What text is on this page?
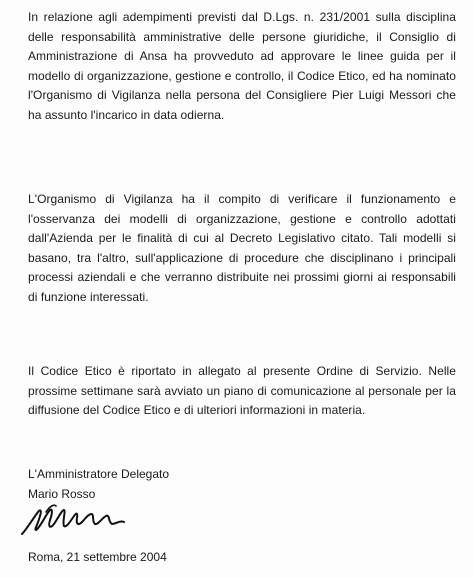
In relazione agli adempimenti previsti dal D.Lgs. n. 231/2001 sulla disciplina delle responsabilità amministrative delle persone giuridiche, il Consiglio di Amministrazione di Ansa ha provveduto ad approvare le linee guida per il modello di organizzazione, gestione e controllo, il Codice Etico, ed ha nominato l'Organismo di Vigilanza nella persona del Consigliere Pier Luigi Messori che ha assunto l'incarico in data odierna.
L'Organismo di Vigilanza ha il compito di verificare il funzionamento e l'osservanza dei modelli di organizzazione, gestione e controllo adottati dall'Azienda per le finalità di cui al Decreto Legislativo citato. Tali modelli si basano, tra l'altro, sull'applicazione di procedure che disciplinano i principali processi aziendali e che verranno distribuite nei prossimi giorni ai responsabili di funzione interessati.
Il Codice Etico è riportato in allegato al presente Ordine di Servizio. Nelle prossime settimane sarà avviato un piano di comunicazione al personale per la diffusione del Codice Etico e di ulteriori informazioni in materia.
L'Amministratore Delegato
Mario Rosso
Roma, 21 settembre 2004
